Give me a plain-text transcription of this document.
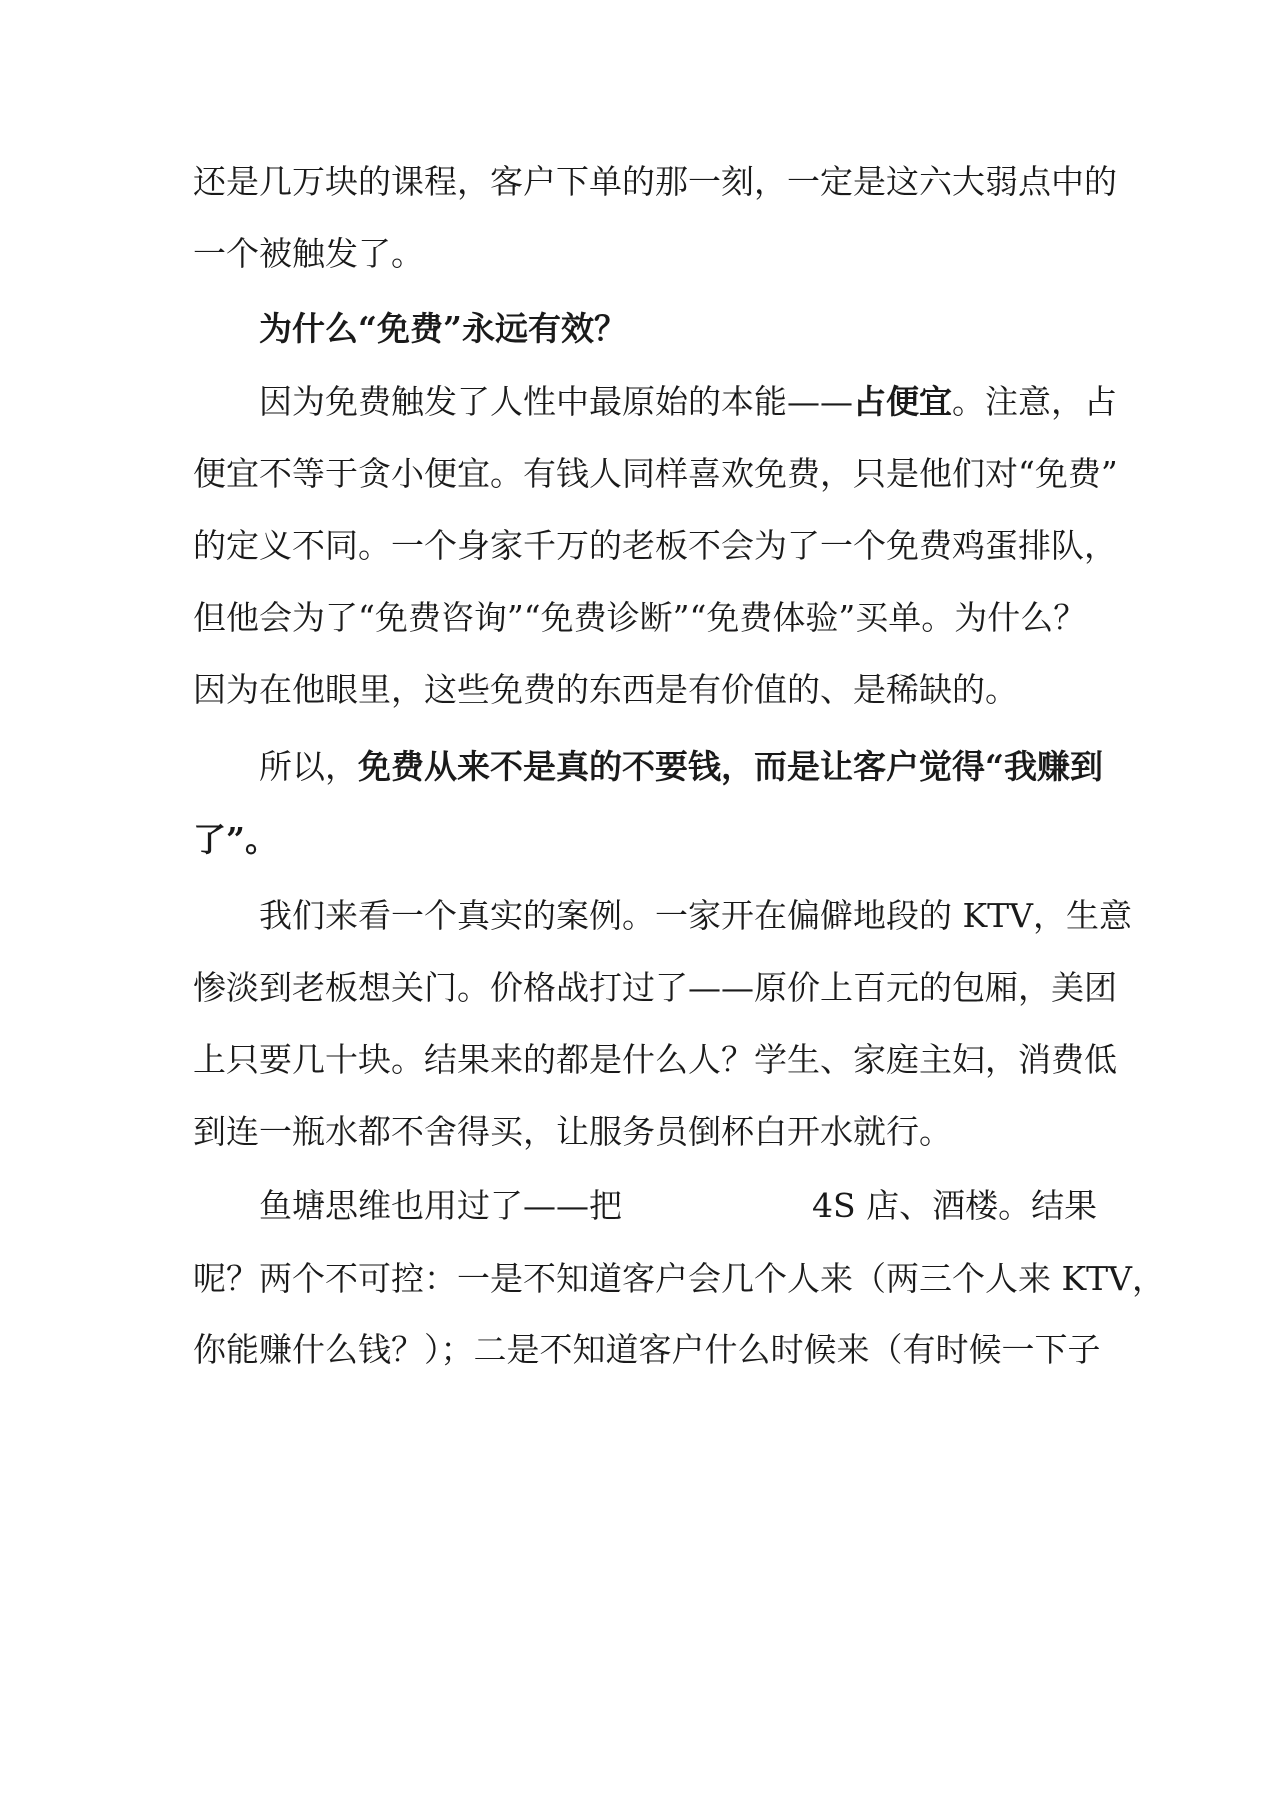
还是几万块的课程，客户下单的那一刻，一定是这六大弱点中的
一个被触发了。
为什么“免费”永远有效？
因为免费触发了人性中最原始的本能——占便宜。注意，占
便宜不等于贪小便宜。有钱人同样喜欢免费，只是他们对“免费”
的定义不同。一个身家千万的老板不会为了一个免费鸡蛋排队，
但他会为了“免费咨询”“免费诊断”“免费体验”买单。为什么？
因为在他眼里，这些免费的东西是有价值的、是稀缺的。
所以，免费从来不是真的不要钱，而是让客户觉得“我赚到
了”。
我们来看一个真实的案例。一家开在偏僻地段的 KTV，生意
惨淡到老板想关门。价格战打过了——原价上百元的包厢，美团
上只要几十块。结果来的都是什么人？学生、家庭主妇，消费低
到连一瓶水都不舍得买，让服务员倒杯白开水就行。
鱼塘思维也用过了——把	4S 店、酒楼。结果
呢？两个不可控：一是不知道客户会几个人来（两三个人来 KTV，
你能赚什么钱？）；二是不知道客户什么时候来（有时候一下子
